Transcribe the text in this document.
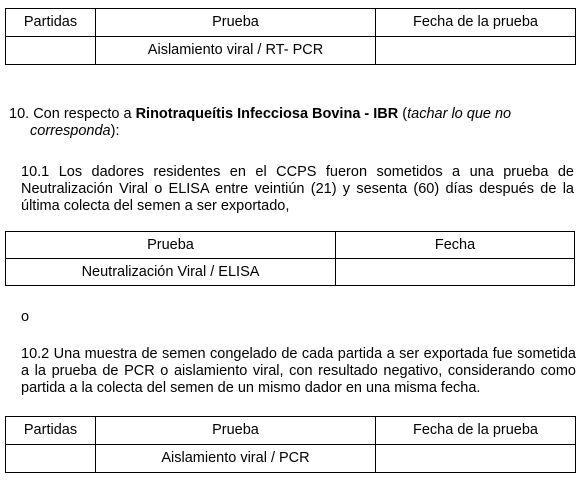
Partidas	Prueba	Fecha de la prueba
	Aislamiento viral / RT- PCR	

10. Con respecto a Rinotraqueítis Infecciosa Bovina - IBR (tachar lo que no
corresponda):

10.1 Los dadores residentes en el CCPS fueron sometidos a una prueba de Neutralización Viral o ELISA entre veintiún (21) y sesenta (60) días después de la última colecta del semen a ser exportado,

Prueba	Fecha
Neutralización Viral / ELISA	

o

10.2 Una muestra de semen congelado de cada partida a ser exportada fue sometida a la prueba de PCR o aislamiento viral, con resultado negativo, considerando como partida a la colecta del semen de un mismo dador en una misma fecha.

Partidas	Prueba	Fecha de la prueba
	Aislamiento viral / PCR	
